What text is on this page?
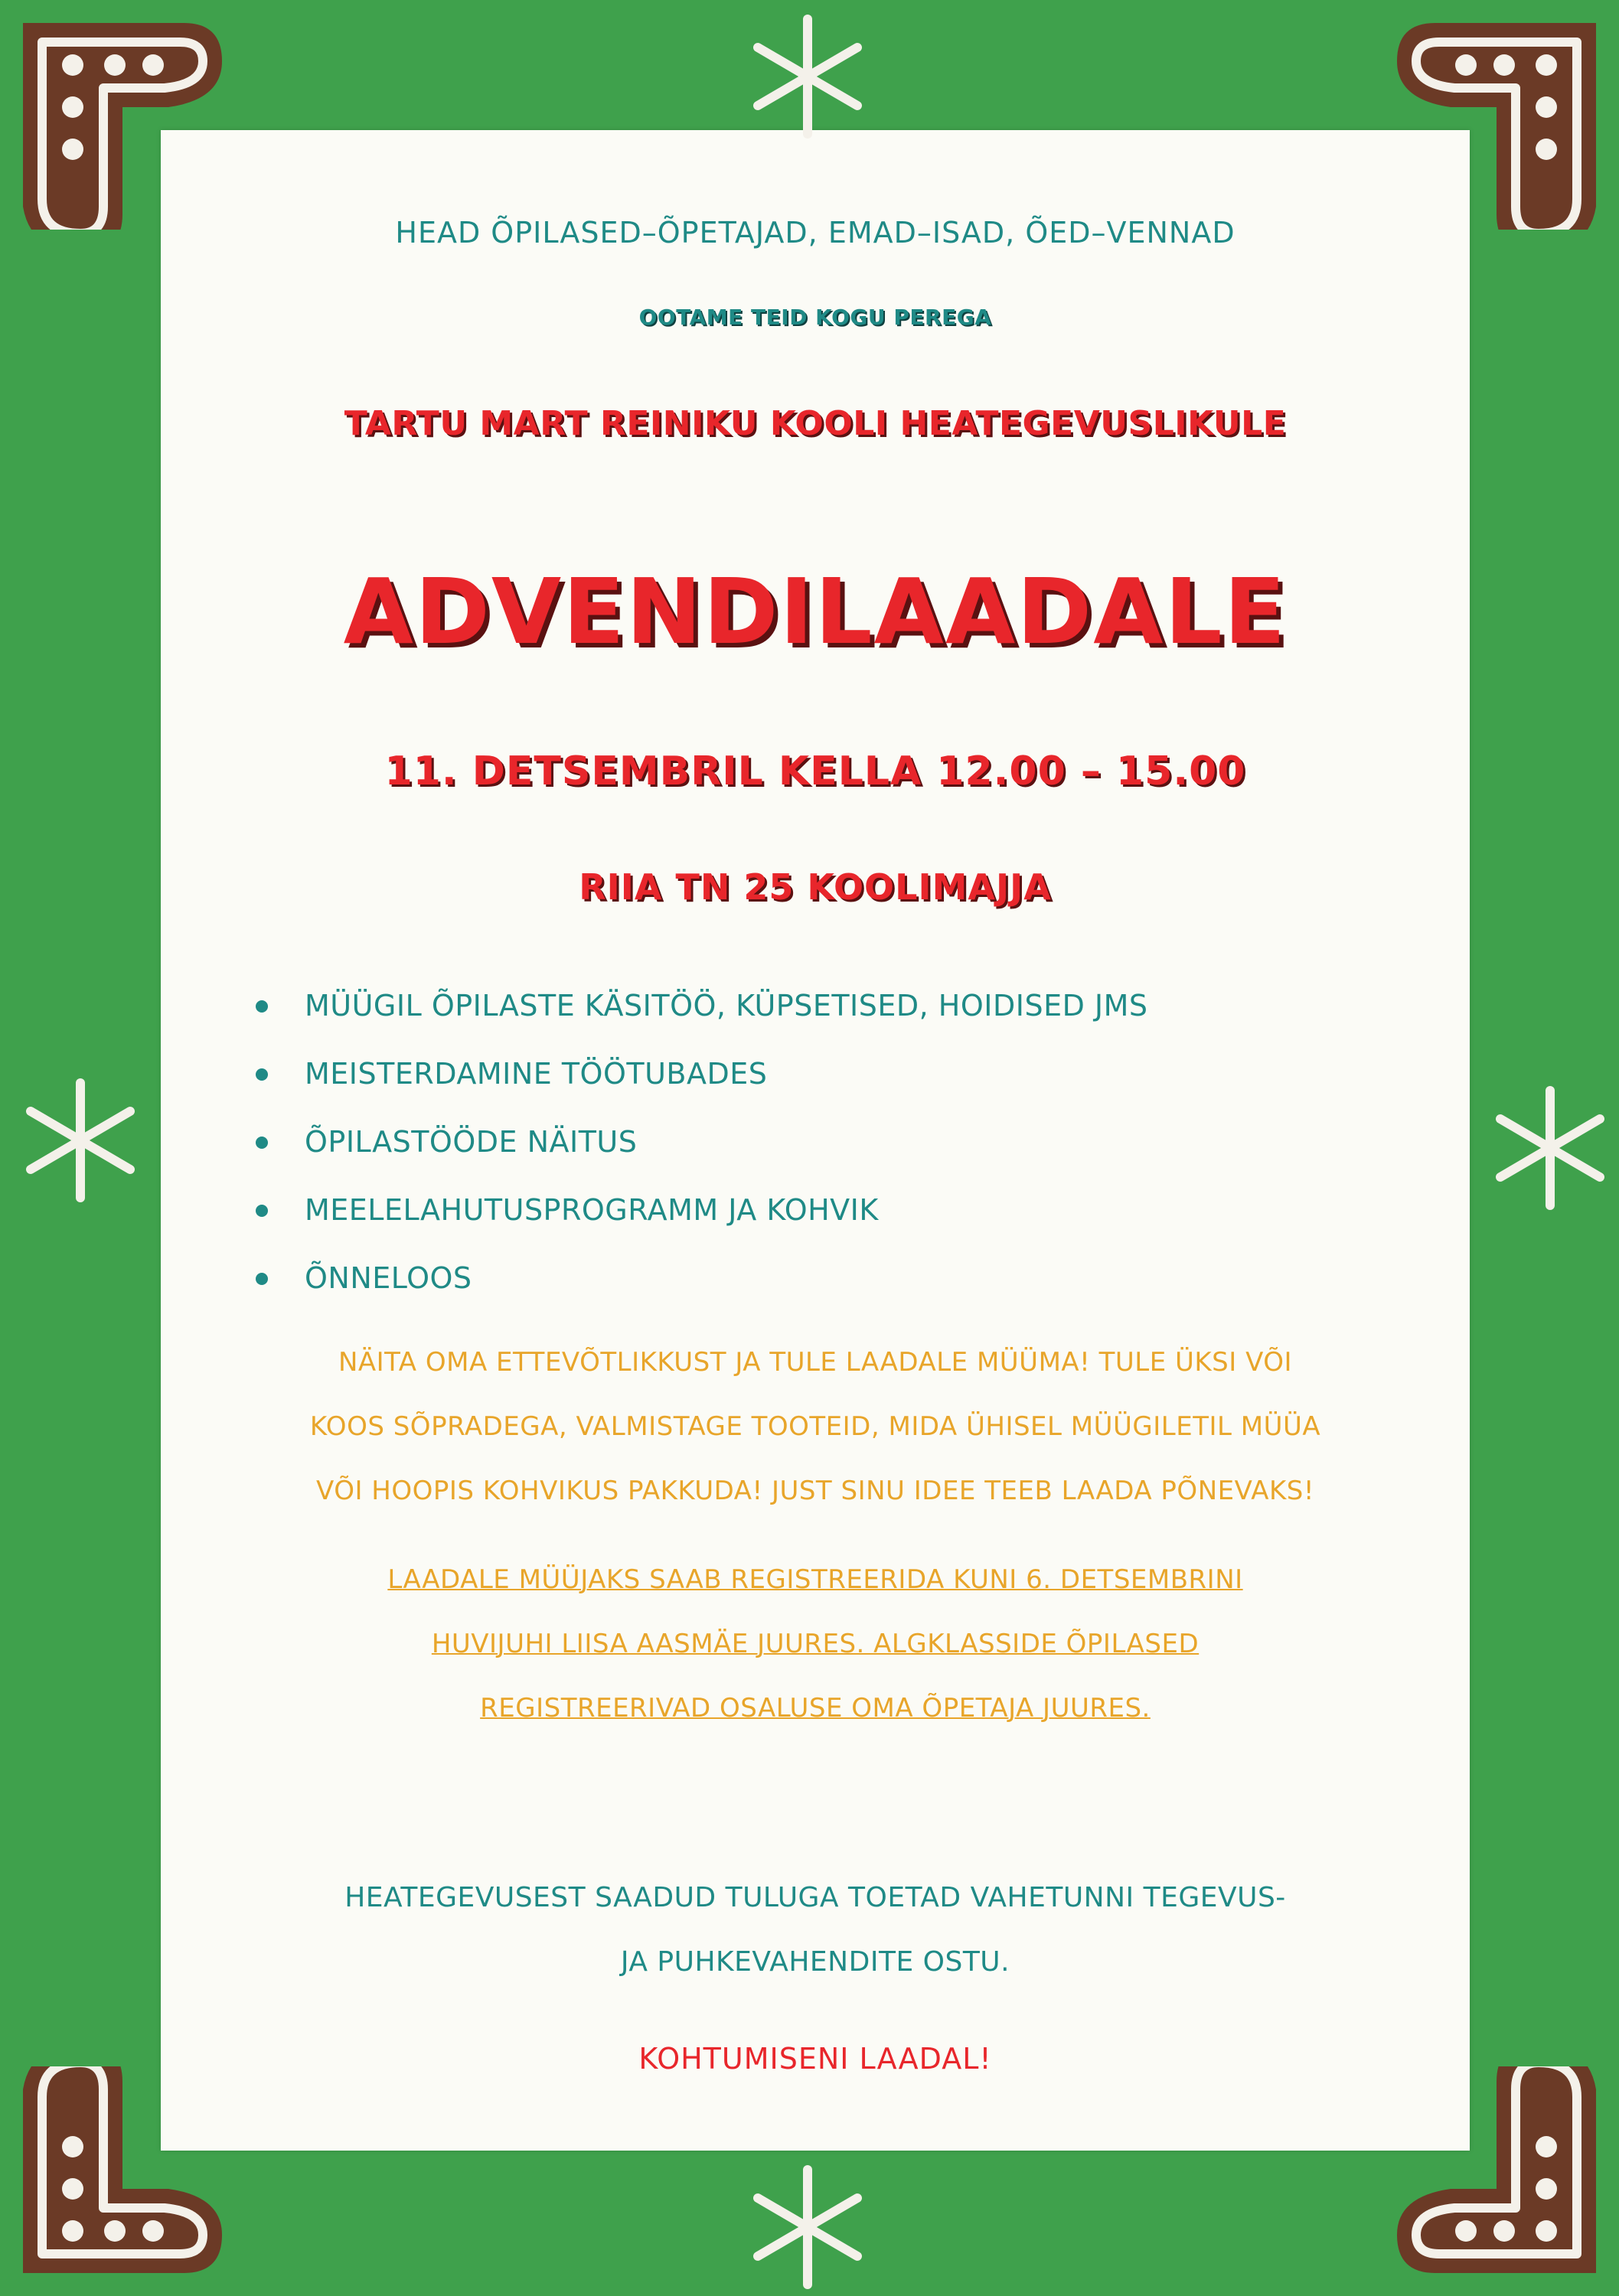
HEAD ÕPILASED–ÕPETAJAD, EMAD–ISAD, ÕED–VENNAD
OOTAME TEID KOGU PEREGA
TARTU MART REINIKU KOOLI HEATEGEVUSLIKULE
ADVENDILAADALE
11. DETSEMBRIL KELLA 12.00 – 15.00
RIIA TN 25 KOOLIMAJJA
MÜÜGIL ÕPILASTE KÄSITÖÖ, KÜPSETISED, HOIDISED JMS
MEISTERDAMINE TÖÖTUBADES
ÕPILASTÖÖDE NÄITUS
MEELELAHUTUSPROGRAMM JA KOHVIK
ÕNNELOOS
NÄITA OMA ETTEVÕTLIKKUST JA TULE LAADALE MÜÜMA! TULE ÜKSI VÕI
KOOS SÕPRADEGA, VALMISTAGE TOOTEID, MIDA ÜHISEL MÜÜGILETIL MÜÜA
VÕI HOOPIS KOHVIKUS PAKKUDA! JUST SINU IDEE TEEB LAADA PÕNEVAKS!
LAADALE MÜÜJAKS SAAB REGISTREERIDA KUNI 6. DETSEMBRINI
HUVIJUHI LIISA AASMÄE JUURES. ALGKLASSIDE ÕPILASED
REGISTREERIVAD OSALUSE OMA ÕPETAJA JUURES.
HEATEGEVUSEST SAADUD TULUGA TOETAD VAHETUNNI TEGEVUS-
JA PUHKEVAHENDITE OSTU.
KOHTUMISENI LAADAL!
